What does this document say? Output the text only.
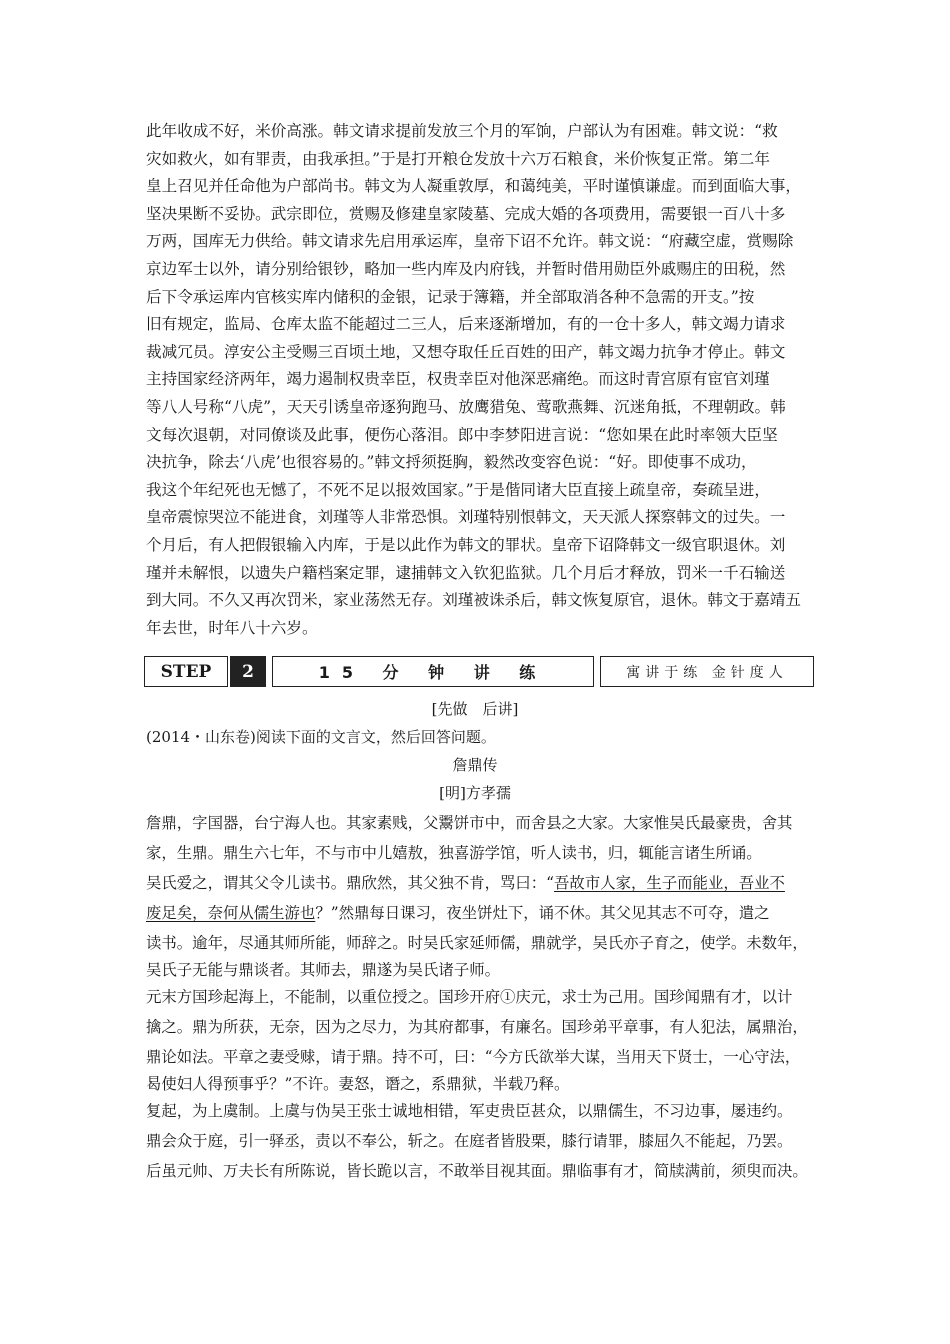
此年收成不好，米价高涨。韩文请求提前发放三个月的军饷，户部认为有困难。韩文说：“救
灾如救火，如有罪责，由我承担。”于是打开粮仓发放十六万石粮食，米价恢复正常。第二年
皇上召见并任命他为户部尚书。韩文为人凝重敦厚，和蔼纯美，平时谨慎谦虚。而到面临大事，
坚决果断不妥协。武宗即位，赏赐及修建皇家陵墓、完成大婚的各项费用，需要银一百八十多
万两，国库无力供给。韩文请求先启用承运库，皇帝下诏不允许。韩文说：“府藏空虚，赏赐除
京边军士以外，请分别给银钞，略加一些内库及内府钱，并暂时借用勋臣外戚赐庄的田税，然
后下令承运库内官核实库内储积的金银，记录于簿籍，并全部取消各种不急需的开支。”按
旧有规定，监局、仓库太监不能超过二三人，后来逐渐增加，有的一仓十多人，韩文竭力请求
裁减冗员。淳安公主受赐三百顷土地，又想夺取任丘百姓的田产，韩文竭力抗争才停止。韩文
主持国家经济两年，竭力遏制权贵幸臣，权贵幸臣对他深恶痛绝。而这时青宫原有宦官刘瑾
等八人号称“八虎”，天天引诱皇帝逐狗跑马、放鹰猎兔、莺歌燕舞、沉迷角抵，不理朝政。韩
文每次退朝，对同僚谈及此事，便伤心落泪。郎中李梦阳进言说：“您如果在此时率领大臣坚
决抗争，除去‘八虎’也很容易的。”韩文捋须挺胸，毅然改变容色说：“好。即使事不成功，
我这个年纪死也无憾了，不死不足以报效国家。”于是偕同诸大臣直接上疏皇帝，奏疏呈进，
皇帝震惊哭泣不能进食，刘瑾等人非常恐惧。刘瑾特别恨韩文，天天派人探察韩文的过失。一
个月后，有人把假银输入内库，于是以此作为韩文的罪状。皇帝下诏降韩文一级官职退休。刘
瑾并未解恨，以遗失户籍档案定罪，逮捕韩文入钦犯监狱。几个月后才释放，罚米一千石输送
到大同。不久又再次罚米，家业荡然无存。刘瑾被诛杀后，韩文恢复原官，退休。韩文于嘉靖五
年去世，时年八十六岁。
STEP	2	15 分 钟 讲 练	寓讲于练 金针度人
[先做　后讲]
(2014・山东卷)阅读下面的文言文，然后回答问题。
詹鼎传
[明]方孝孺
詹鼎，字国器，台宁海人也。其家素贱，父鬻饼市中，而舍县之大家。大家惟吴氏最豪贵，舍其
家，生鼎。鼎生六七年，不与市中儿嬉敖，独喜游学馆，听人读书，归，辄能言诸生所诵。
吴氏爱之，谓其父令儿读书。鼎欣然，其父独不肯，骂曰：“吾故市人家，生子而能业，吾业不
废足矣，奈何从儒生游也？”然鼎每日课习，夜坐饼灶下，诵不休。其父见其志不可夺，遣之
读书。逾年，尽通其师所能，师辞之。时吴氏家延师儒，鼎就学，吴氏亦子育之，使学。未数年，
吴氏子无能与鼎谈者。其师去，鼎遂为吴氏诸子师。
元末方国珍起海上，不能制，以重位授之。国珍开府①庆元，求士为己用。国珍闻鼎有才，以计
擒之。鼎为所获，无奈，因为之尽力，为其府都事，有廉名。国珍弟平章事，有人犯法，属鼎治，
鼎论如法。平章之妻受赇，请于鼎。持不可，曰：“今方氏欲举大谋，当用天下贤士，一心守法，
曷使妇人得预事乎？”不许。妻怒，谮之，系鼎狱，半载乃释。
复起，为上虞制。上虞与伪吴王张士诚地相错，军吏贵臣甚众，以鼎儒生，不习边事，屡违约。
鼎会众于庭，引一驿丞，责以不奉公，斩之。在庭者皆股栗，膝行请罪，膝屈久不能起，乃罢。
后虽元帅、万夫长有所陈说，皆长跪以言，不敢举目视其面。鼎临事有才，简牍满前，须臾而决。
